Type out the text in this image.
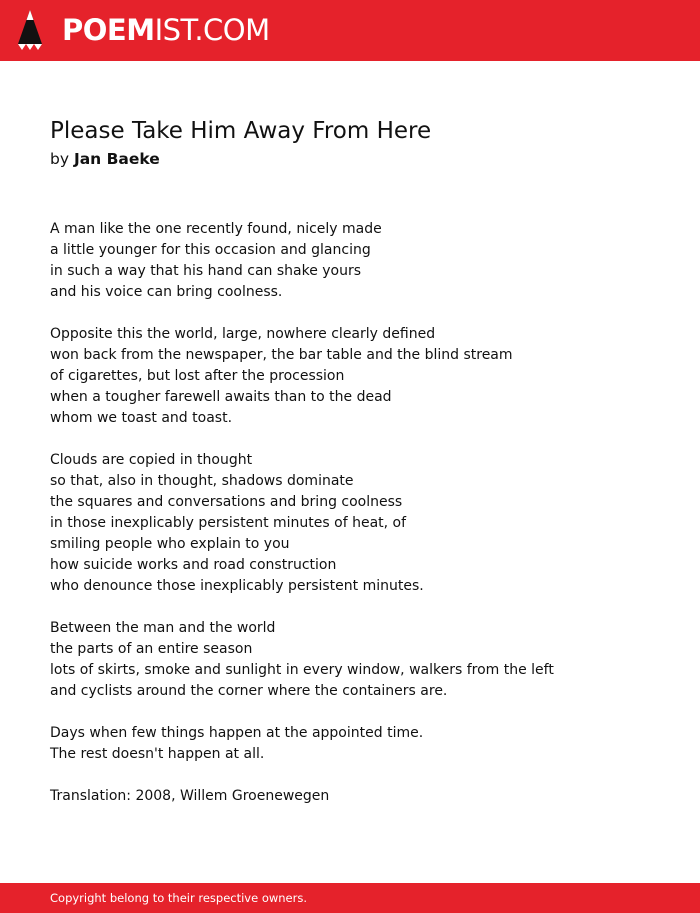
POEMIST.COM
Please Take Him Away From Here
by Jan Baeke
A man like the one recently found, nicely made
a little younger for this occasion and glancing
in such a way that his hand can shake yours
and his voice can bring coolness.
Opposite this the world, large, nowhere clearly defined
won back from the newspaper, the bar table and the blind stream
of cigarettes, but lost after the procession
when a tougher farewell awaits than to the dead
whom we toast and toast.
Clouds are copied in thought
so that, also in thought, shadows dominate
the squares and conversations and bring coolness
in those inexplicably persistent minutes of heat, of
smiling people who explain to you
how suicide works and road construction
who denounce those inexplicably persistent minutes.
Between the man and the world
the parts of an entire season
lots of skirts, smoke and sunlight in every window, walkers from the left
and cyclists around the corner where the containers are.
Days when few things happen at the appointed time.
The rest doesn't happen at all.
Translation: 2008, Willem Groenewegen
Copyright belong to their respective owners.
